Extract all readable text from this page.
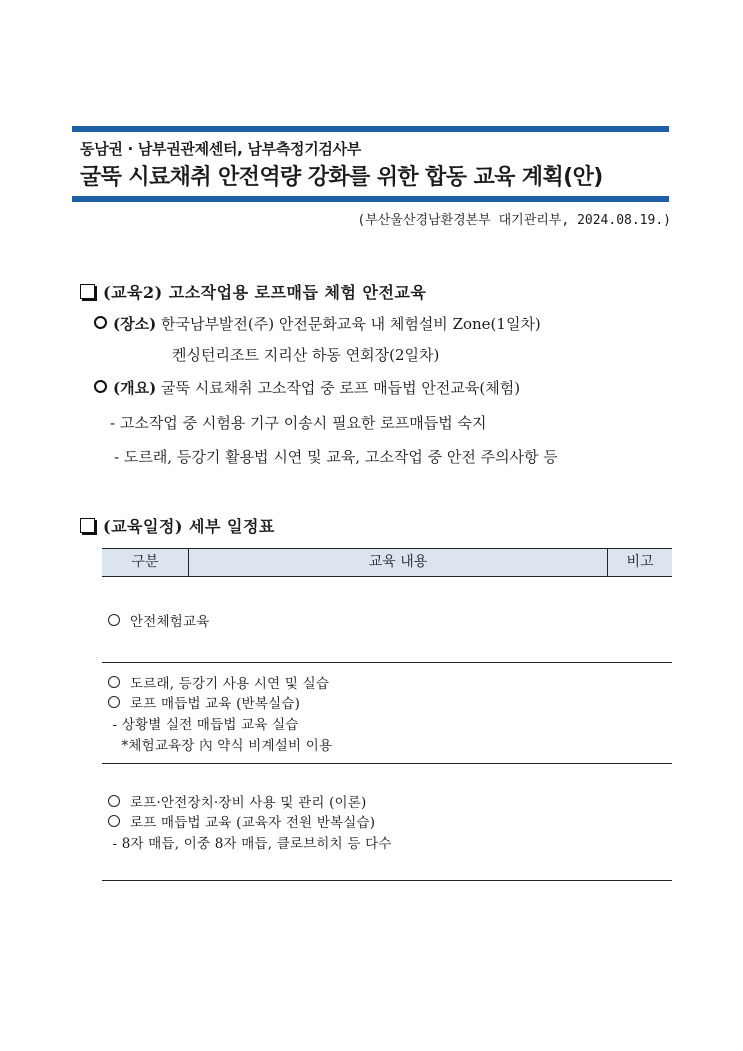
동남권 · 남부권관제센터, 남부측정기검사부
굴뚝 시료채취 안전역량 강화를 위한 합동 교육 계획(안)
(부산울산경남환경본부 대기관리부, 2024.08.19.)
(교육2) 고소작업용 로프매듭 체험 안전교육
(장소) 한국남부발전(주) 안전문화교육 내 체험설비 Zone(1일차)
켄싱턴리조트 지리산 하동 연회장(2일차)
(개요) 굴뚝 시료채취 고소작업 중 로프 매듭법 안전교육(체험)
- 고소작업 중 시험용 기구 이송시 필요한 로프매듭법 숙지
- 도르래, 등강기 활용법 시연 및 교육, 고소작업 중 안전 주의사항 등
(교육일정) 세부 일정표
구분	교육 내용	비고
안전체험교육
도르래, 등강기 사용 시연 및 실습
로프 매듭법 교육 (반복실습)
- 상황별 실전 매듭법 교육 실습
*체험교육장 內 약식 비계설비 이용
로프·안전장치·장비 사용 및 관리 (이론)
로프 매듭법 교육 (교육자 전원 반복실습)
- 8자 매듭, 이중 8자 매듭, 클로브히치 등 다수
